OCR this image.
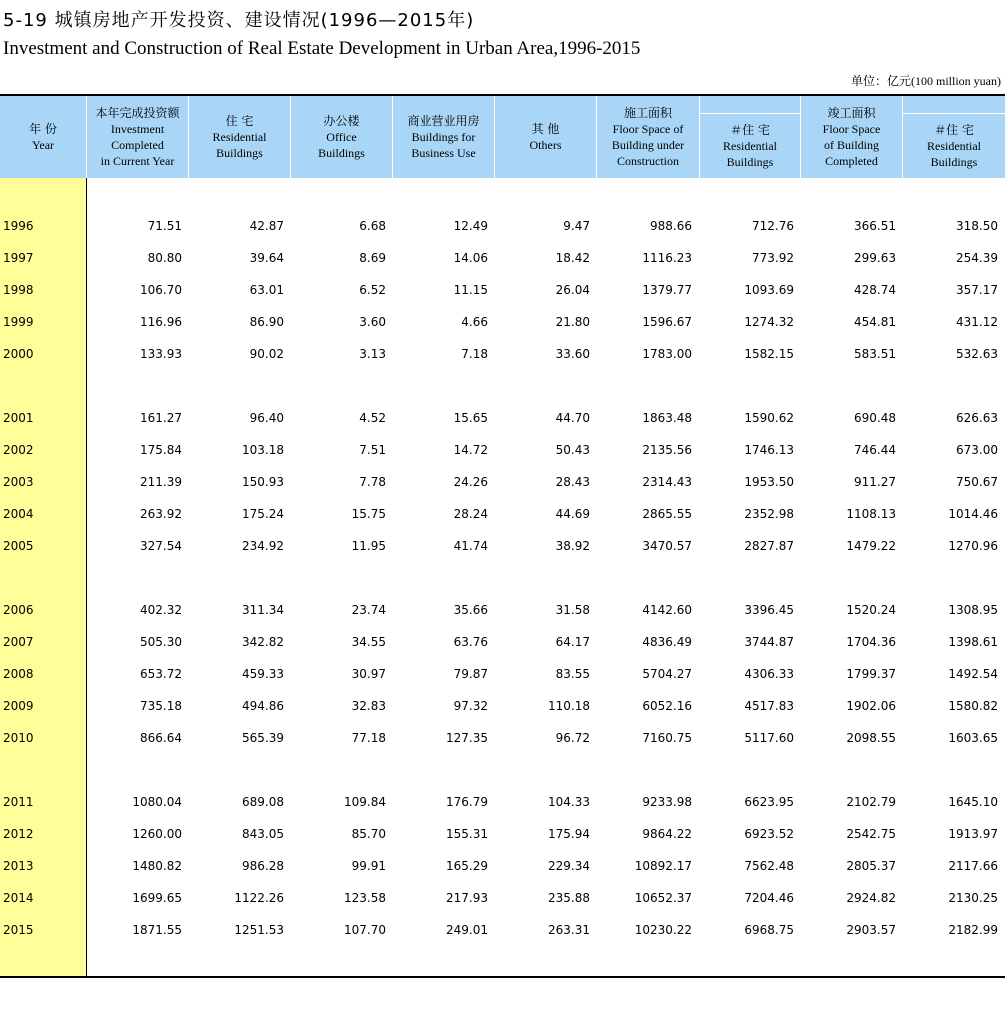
5-19 城镇房地产开发投资、建设情况(1996—2015年)
Investment and Construction of Real Estate Development in Urban Area,1996-2015
单位：亿元(100 million yuan)
年 份
Year
本年完成投资额
Investment
Completed
in Current Year
住 宅
Residential
Buildings
办公楼
Office
Buildings
商业营业用房
Buildings for
Business Use
其 他
Others
施工面积
Floor Space of
Building under
Construction
＃住 宅
Residential
Buildings
竣工面积
Floor Space
of Building
Completed
＃住 宅
Residential
Buildings
1996	71.51	42.87	6.68	12.49	9.47	988.66	712.76	366.51	318.50
1997	80.80	39.64	8.69	14.06	18.42	1116.23	773.92	299.63	254.39
1998	106.70	63.01	6.52	11.15	26.04	1379.77	1093.69	428.74	357.17
1999	116.96	86.90	3.60	4.66	21.80	1596.67	1274.32	454.81	431.12
2000	133.93	90.02	3.13	7.18	33.60	1783.00	1582.15	583.51	532.63
2001	161.27	96.40	4.52	15.65	44.70	1863.48	1590.62	690.48	626.63
2002	175.84	103.18	7.51	14.72	50.43	2135.56	1746.13	746.44	673.00
2003	211.39	150.93	7.78	24.26	28.43	2314.43	1953.50	911.27	750.67
2004	263.92	175.24	15.75	28.24	44.69	2865.55	2352.98	1108.13	1014.46
2005	327.54	234.92	11.95	41.74	38.92	3470.57	2827.87	1479.22	1270.96
2006	402.32	311.34	23.74	35.66	31.58	4142.60	3396.45	1520.24	1308.95
2007	505.30	342.82	34.55	63.76	64.17	4836.49	3744.87	1704.36	1398.61
2008	653.72	459.33	30.97	79.87	83.55	5704.27	4306.33	1799.37	1492.54
2009	735.18	494.86	32.83	97.32	110.18	6052.16	4517.83	1902.06	1580.82
2010	866.64	565.39	77.18	127.35	96.72	7160.75	5117.60	2098.55	1603.65
2011	1080.04	689.08	109.84	176.79	104.33	9233.98	6623.95	2102.79	1645.10
2012	1260.00	843.05	85.70	155.31	175.94	9864.22	6923.52	2542.75	1913.97
2013	1480.82	986.28	99.91	165.29	229.34	10892.17	7562.48	2805.37	2117.66
2014	1699.65	1122.26	123.58	217.93	235.88	10652.37	7204.46	2924.82	2130.25
2015	1871.55	1251.53	107.70	249.01	263.31	10230.22	6968.75	2903.57	2182.99
